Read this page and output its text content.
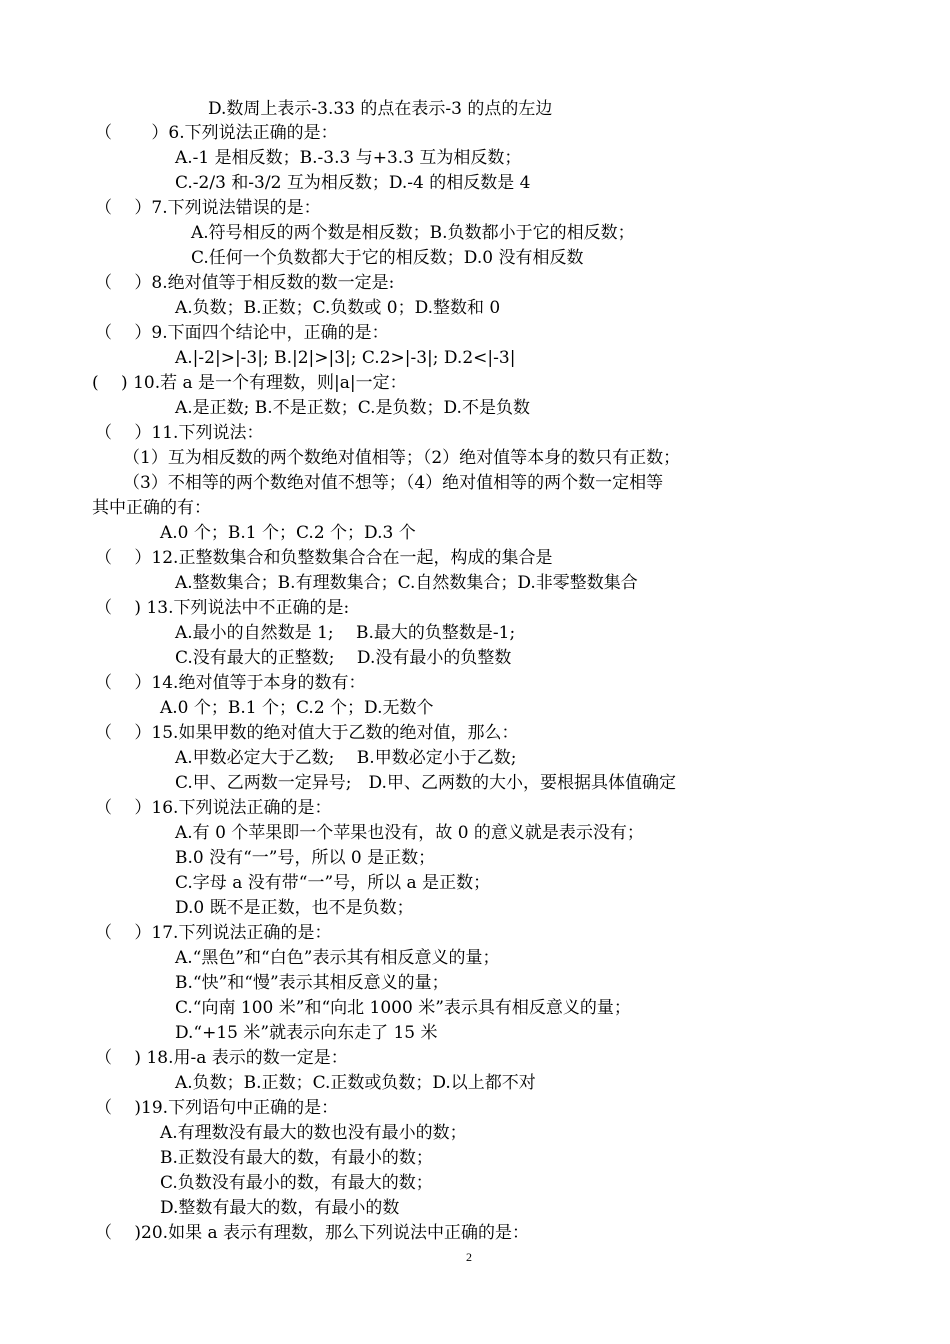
D.数周上表示-3.33 的点在表示-3 的点的左边
（　　 ）6.下列说法正确的是：
A.-1 是相反数；B.-3.3 与+3.3 互为相反数；
C.-2/3 和-3/2 互为相反数；D.-4 的相反数是 4
（　 ）7.下列说法错误的是：
A.符号相反的两个数是相反数；B.负数都小于它的相反数；
C.任何一个负数都大于它的相反数；D.0 没有相反数
（　 ）8.绝对值等于相反数的数一定是:
A.负数；B.正数；C.负数或 0；D.整数和 0
（　 ）9.下面四个结论中，正确的是：
A.|-2|>|-3|; B.|2|>|3|; C.2>|-3|; D.2<|-3|
(　 ) 10.若 a 是一个有理数，则|a|一定：
A.是正数; B.不是正数；C.是负数；D.不是负数
（　 ）11.下列说法：
（1）互为相反数的两个数绝对值相等；（2）绝对值等本身的数只有正数；
（3）不相等的两个数绝对值不想等；（4）绝对值相等的两个数一定相等
其中正确的有：
A.0 个；B.1 个；C.2 个；D.3 个
（　 ）12.正整数集合和负整数集合合在一起，构成的集合是
A.整数集合；B.有理数集合；C.自然数集合；D.非零整数集合
（　 ) 13.下列说法中不正确的是:
A.最小的自然数是 1;　 B.最大的负整数是-1;
C.没有最大的正整数;　 D.没有最小的负整数
（　 ）14.绝对值等于本身的数有：
A.0 个；B.1 个；C.2 个；D.无数个
（　 ）15.如果甲数的绝对值大于乙数的绝对值，那么：
A.甲数必定大于乙数;　 B.甲数必定小于乙数;
C.甲、乙两数一定异号;　D.甲、乙两数的大小，要根据具体值确定
（　 ）16.下列说法正确的是：
A.有 0 个苹果即一个苹果也没有，故 0 的意义就是表示没有；
B.0 没有“一”号，所以 0 是正数；
C.字母 a 没有带“一”号，所以 a 是正数；
D.0 既不是正数，也不是负数；
（　 ）17.下列说法正确的是：
A.“黑色”和“白色”表示其有相反意义的量；
B.“快”和“慢”表示其相反意义的量；
C.“向南 100 米”和“向北 1000 米”表示具有相反意义的量；
D.“+15 米”就表示向东走了 15 米
（　 ) 18.用-a 表示的数一定是：
A.负数；B.正数；C.正数或负数；D.以上都不对
（　 )19.下列语句中正确的是：
A.有理数没有最大的数也没有最小的数；
B.正数没有最大的数，有最小的数；
C.负数没有最小的数，有最大的数；
D.整数有最大的数，有最小的数
（　 )20.如果 a 表示有理数，那么下列说法中正确的是：
2
